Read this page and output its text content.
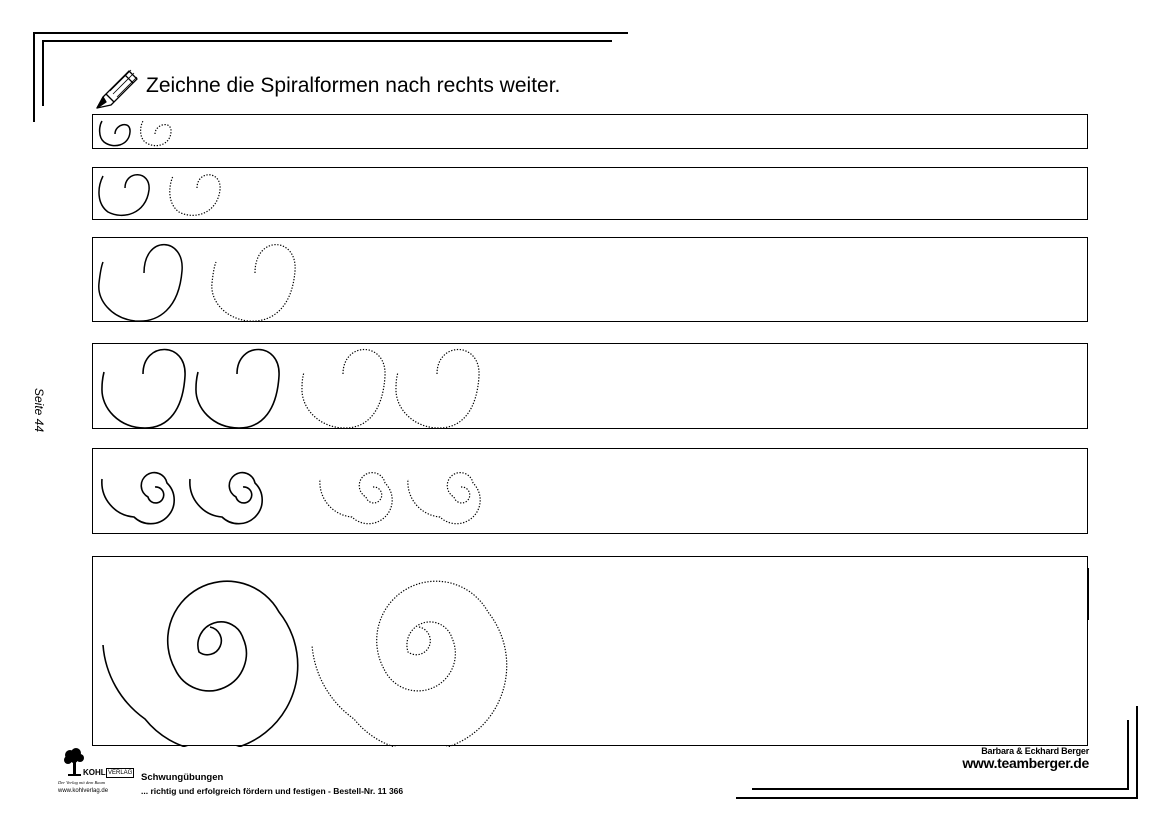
Zeichne die Spiralformen nach rechts weiter.
Seite 44
Barbara & Eckhard Berger
www.teamberger.de
KOHL VERLAG
Der Verlag mit dem Baum
www.kohlverlag.de
Schwungübungen
... richtig und erfolgreich fördern und festigen - Bestell-Nr. 11 366
